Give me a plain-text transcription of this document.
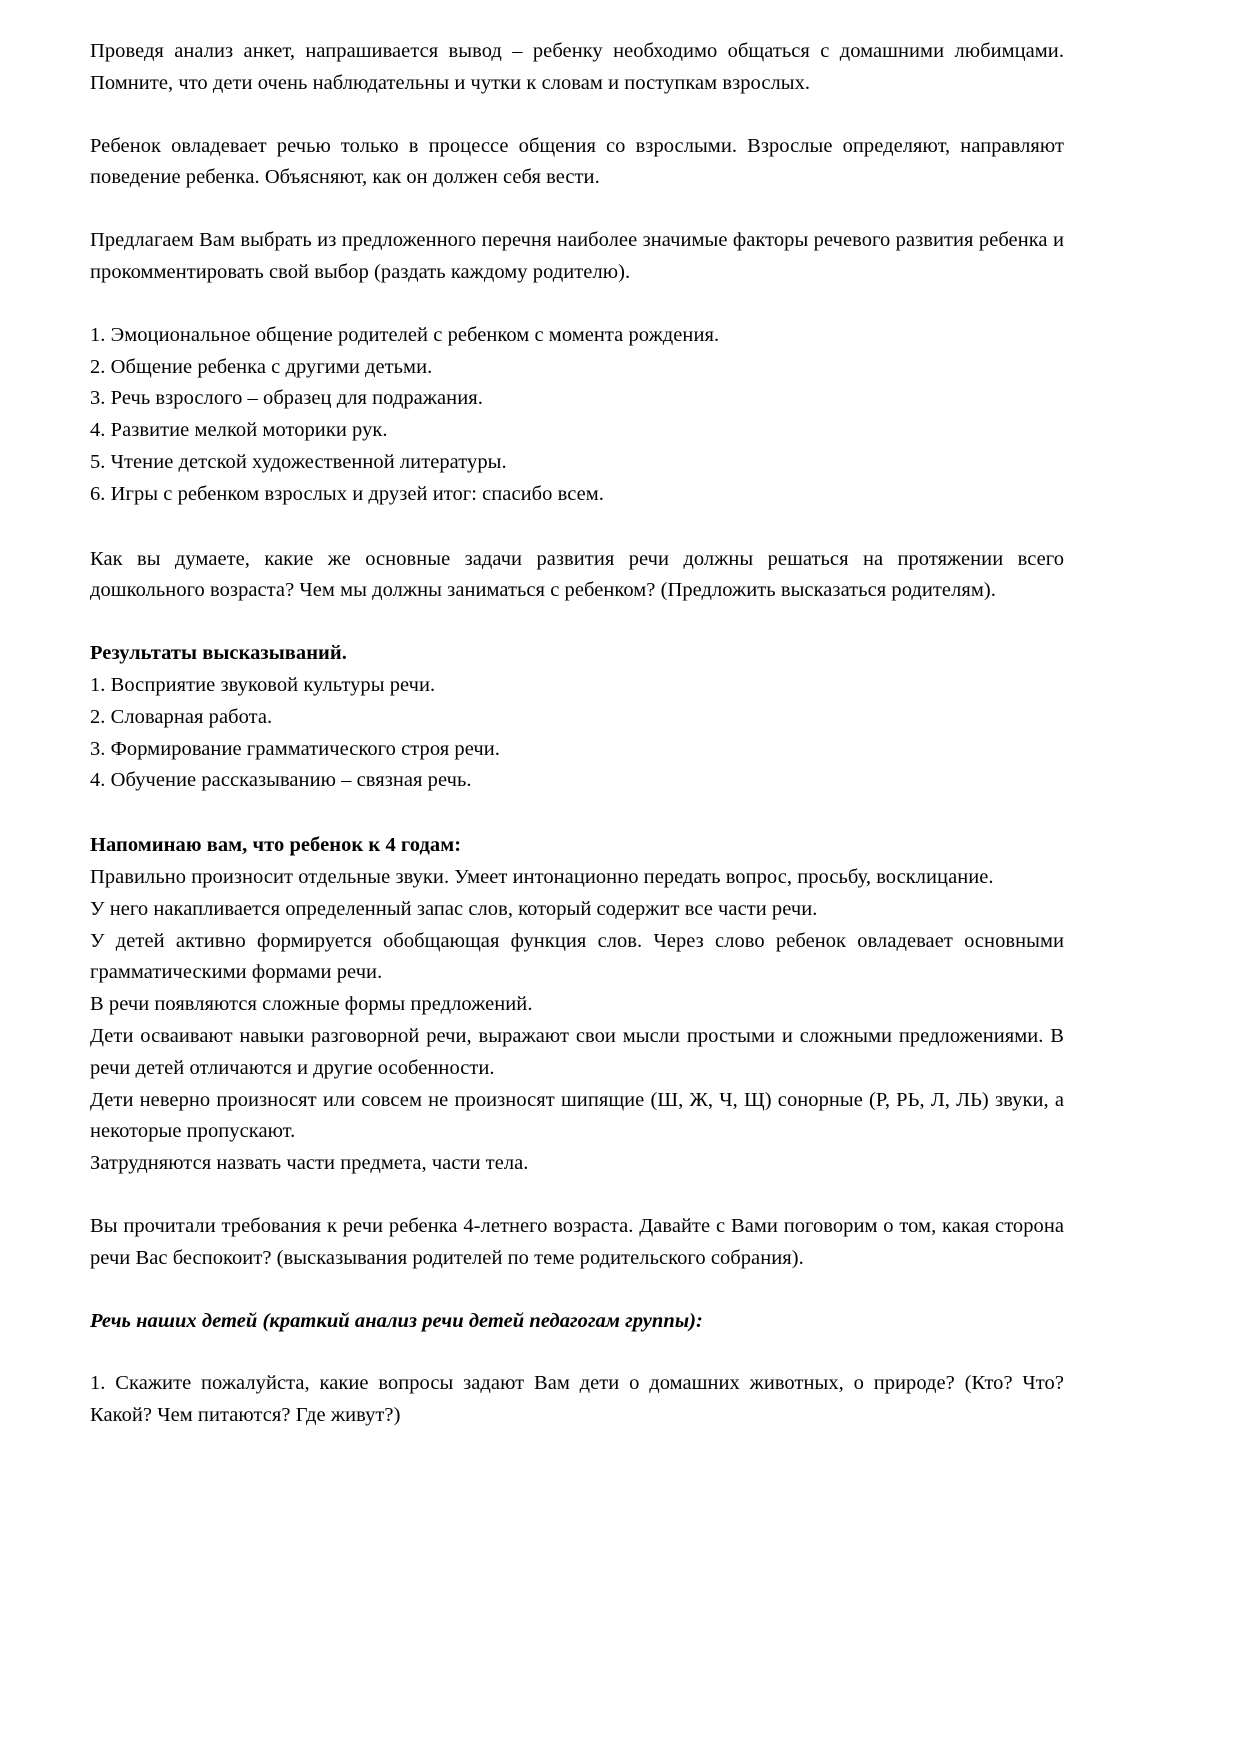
Проведя анализ анкет, напрашивается вывод – ребенку необходимо общаться с домашними любимцами. Помните, что дети очень наблюдательны и чутки к словам и поступкам взрослых.

Ребенок овладевает речью только в процессе общения со взрослыми. Взрослые определяют, направляют поведение ребенка. Объясняют, как он должен себя вести.

Предлагаем Вам выбрать из предложенного перечня наиболее значимые факторы речевого развития ребенка и прокомментировать свой выбор (раздать каждому родителю).

1. Эмоциональное общение родителей с ребенком с момента рождения.

2. Общение ребенка с другими детьми.

3. Речь взрослого – образец для подражания.

4. Развитие мелкой моторики рук.

5. Чтение детской художественной литературы.

6. Игры с ребенком взрослых и друзей итог: спасибо всем.

Как вы думаете, какие же основные задачи развития речи должны решаться на протяжении всего дошкольного возраста? Чем мы должны заниматься с ребенком? (Предложить высказаться родителям).

Результаты высказываний.

1. Восприятие звуковой культуры речи.

2. Словарная работа.

3. Формирование грамматического строя речи.

4. Обучение рассказыванию – связная речь.

Напоминаю вам, что ребенок к 4 годам:

Правильно произносит отдельные звуки. Умеет интонационно передать вопрос, просьбу, восклицание.

У него накапливается определенный запас слов, который содержит все части речи.

У детей активно формируется обобщающая функция слов. Через слово ребенок овладевает основными грамматическими формами речи.

В речи появляются сложные формы предложений.

Дети осваивают навыки разговорной речи, выражают свои мысли простыми и сложными предложениями. В речи детей отличаются и другие особенности.

Дети неверно произносят или совсем не произносят шипящие (Ш, Ж, Ч, Щ) сонорные (Р, РЬ, Л, ЛЬ) звуки, а некоторые пропускают.

Затрудняются назвать части предмета, части тела.

Вы прочитали требования к речи ребенка 4-летнего возраста. Давайте с Вами поговорим о том, какая сторона речи Вас беспокоит? (высказывания родителей по теме родительского собрания).

Речь наших детей (краткий анализ речи детей педагогам группы):

1. Скажите пожалуйста, какие вопросы задают Вам дети о домашних животных, о природе? (Кто? Что? Какой? Чем питаются? Где живут?)
